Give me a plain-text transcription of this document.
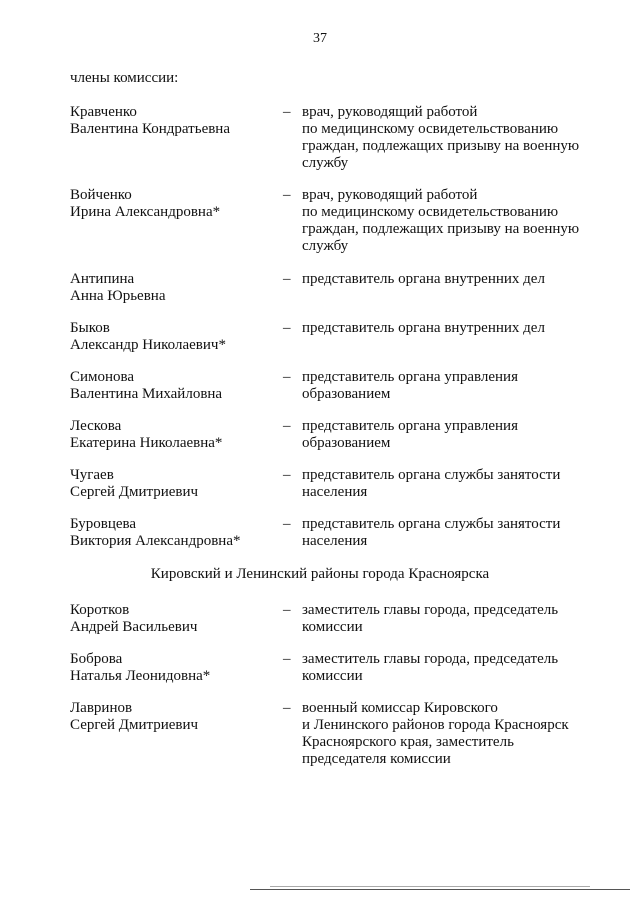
37
члены комиссии:
Кравченко
Валентина Кондратьевна
– врач, руководящий работой
по медицинскому освидетельствованию
граждан, подлежащих призыву на военную
службу
Войченко
Ирина Александровна*
– врач, руководящий работой
по медицинскому освидетельствованию
граждан, подлежащих призыву на военную
службу
Антипина
Анна Юрьевна
– представитель органа внутренних дел
Быков
Александр Николаевич*
– представитель органа внутренних дел
Симонова
Валентина Михайловна
– представитель органа управления
образованием
Лескова
Екатерина Николаевна*
– представитель органа управления
образованием
Чугаев
Сергей Дмитриевич
– представитель органа службы занятости
населения
Буровцева
Виктория Александровна*
– представитель органа службы занятости
населения
Кировский и Ленинский районы города Красноярска
Коротков
Андрей Васильевич
– заместитель главы города, председатель
комиссии
Боброва
Наталья Леонидовна*
– заместитель главы города, председатель
комиссии
Лавринов
Сергей Дмитриевич
– военный комиссар Кировского
и Ленинского районов города Красноярск
Красноярского края, заместитель
председателя комиссии
